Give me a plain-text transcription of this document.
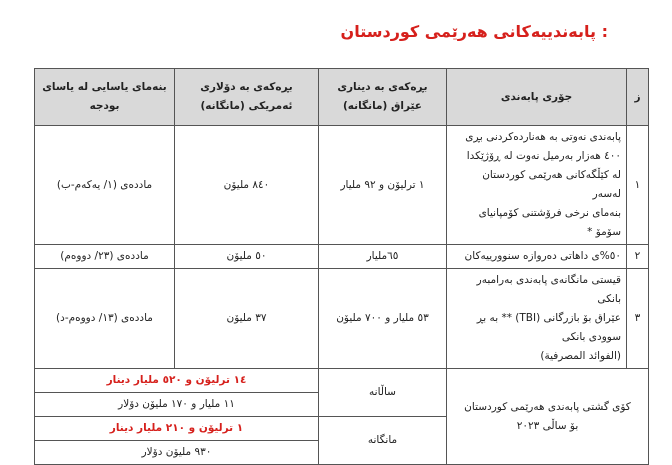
: پابەندییەکانی هەرێمی کوردستان
ز	جۆری پابەندی	بڕەکەی بە دیناری عێراق (مانگانە)	بڕەکەی بە دۆلاری ئەمریکی (مانگانە)	بنەمای یاسایی لە یاسای بودجە
١	پابەندی نەوتی بە هەناردەکردنی بڕی
٤٠٠ هەزار بەرمیل نەوت لە ڕۆژێکدا
لە کێڵگەکانی هەرێمی کوردستان لەسەر
بنەمای نرخی فرۆشتنی کۆمپانیای سۆمۆ *	١ ترلیۆن و ٩٢ ملیار	٨٤٠ ملیۆن	ماددەی (١/ یەکەم-ب)
٢	٥٠%ی داهاتی دەروازە سنوورییەکان	٦٥ملیار	٥٠ ملیۆن	ماددەی (٢٣/ دووەم)
٣	قیستی مانگانەی پابەندی بەرامبەر بانکی
عێراق بۆ بازرگانی (TBI) ** بە بڕ سوودی بانکی
(الفوائد المصرفیة)	٥٣ ملیار و ٧٠٠ ملیۆن	٣٧ ملیۆن	ماددەی (١٣/ دووەم-د)

کۆی گشتی پابەندی هەرێمی کوردستان
بۆ ساڵی ٢٠٢٣		ساڵانە	١٤ ترلیۆن و ٥٢٠ ملیار دینار	
			١١ ملیار و ١٧٠ ملیۆن دۆلار	
		مانگانە	١ ترلیۆن و ٢١٠ ملیار دینار	
			٩٣٠ ملیۆن دۆلار	
